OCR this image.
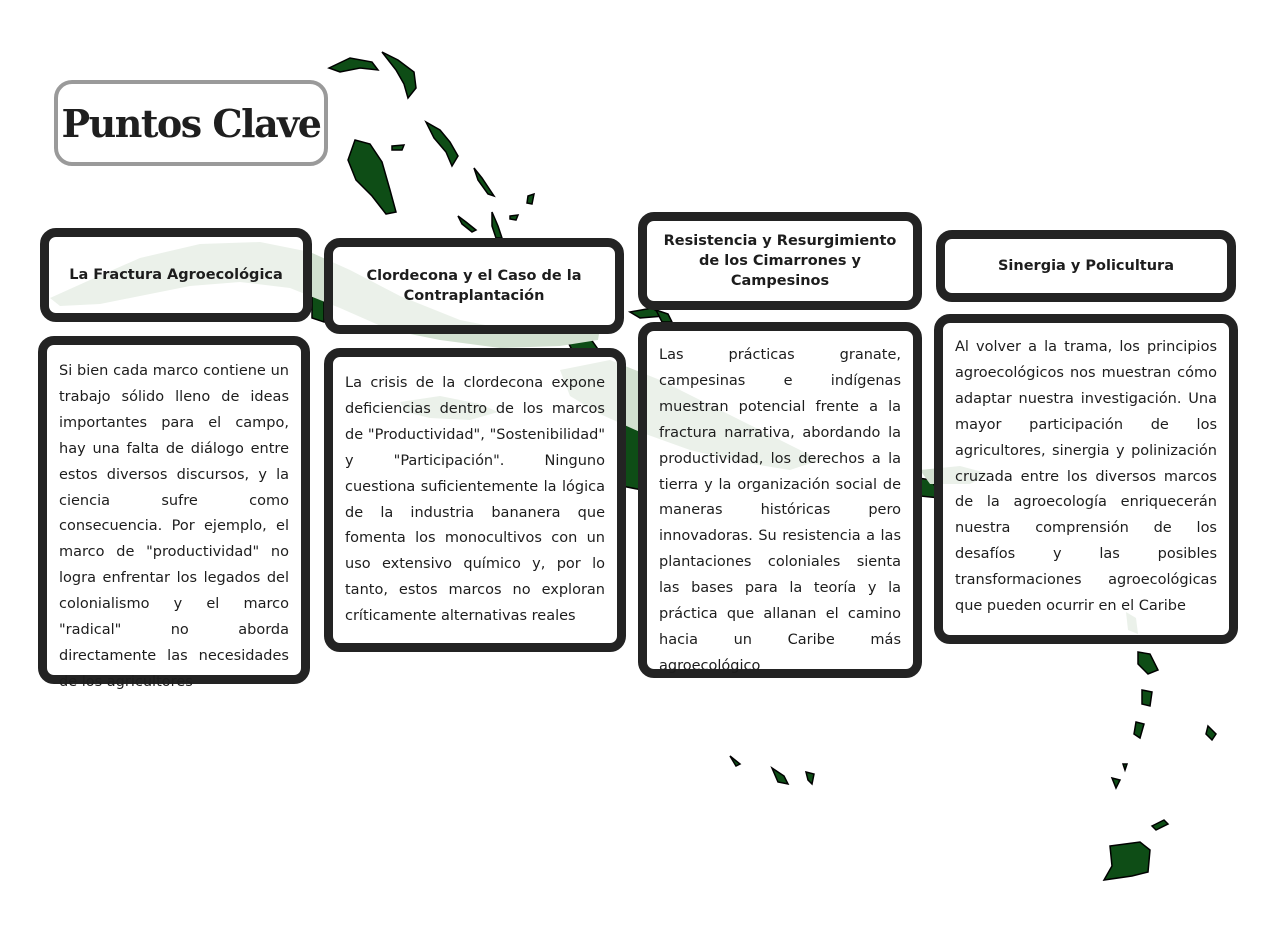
Puntos Clave
La Fractura Agroecológica
Si bien cada marco contiene un trabajo sólido lleno de ideas importantes para el campo, hay una falta de diálogo entre estos diversos discursos, y la ciencia sufre como consecuencia. Por ejemplo, el marco de "productividad" no logra enfrentar los legados del colonialismo y el marco "radical" no aborda directamente las necesidades de los agricultores
Clordecona y el Caso de la Contraplantación
La crisis de la clordecona expone deficiencias dentro de los marcos de "Productividad", "Sostenibilidad" y "Participación". Ninguno cuestiona suficientemente la lógica de la industria bananera que fomenta los monocultivos con un uso extensivo químico y, por lo tanto, estos marcos no exploran críticamente alternativas reales
Resistencia y Resurgimiento de los Cimarrones y Campesinos
Las prácticas granate, campesinas e indígenas muestran potencial frente a la fractura narrativa, abordando la productividad, los derechos a la tierra y la organización social de maneras históricas pero innovadoras. Su resistencia a las plantaciones coloniales sienta las bases para la teoría y la práctica que allanan el camino hacia un Caribe más agroecológico
Sinergia y Policultura
Al volver a la trama, los principios agroecológicos nos muestran cómo adaptar nuestra investigación. Una mayor participación de los agricultores, sinergia y polinización cruzada entre los diversos marcos de la agroecología enriquecerán nuestra comprensión de los desafíos y las posibles transformaciones agroecológicas que pueden ocurrir en el Caribe
